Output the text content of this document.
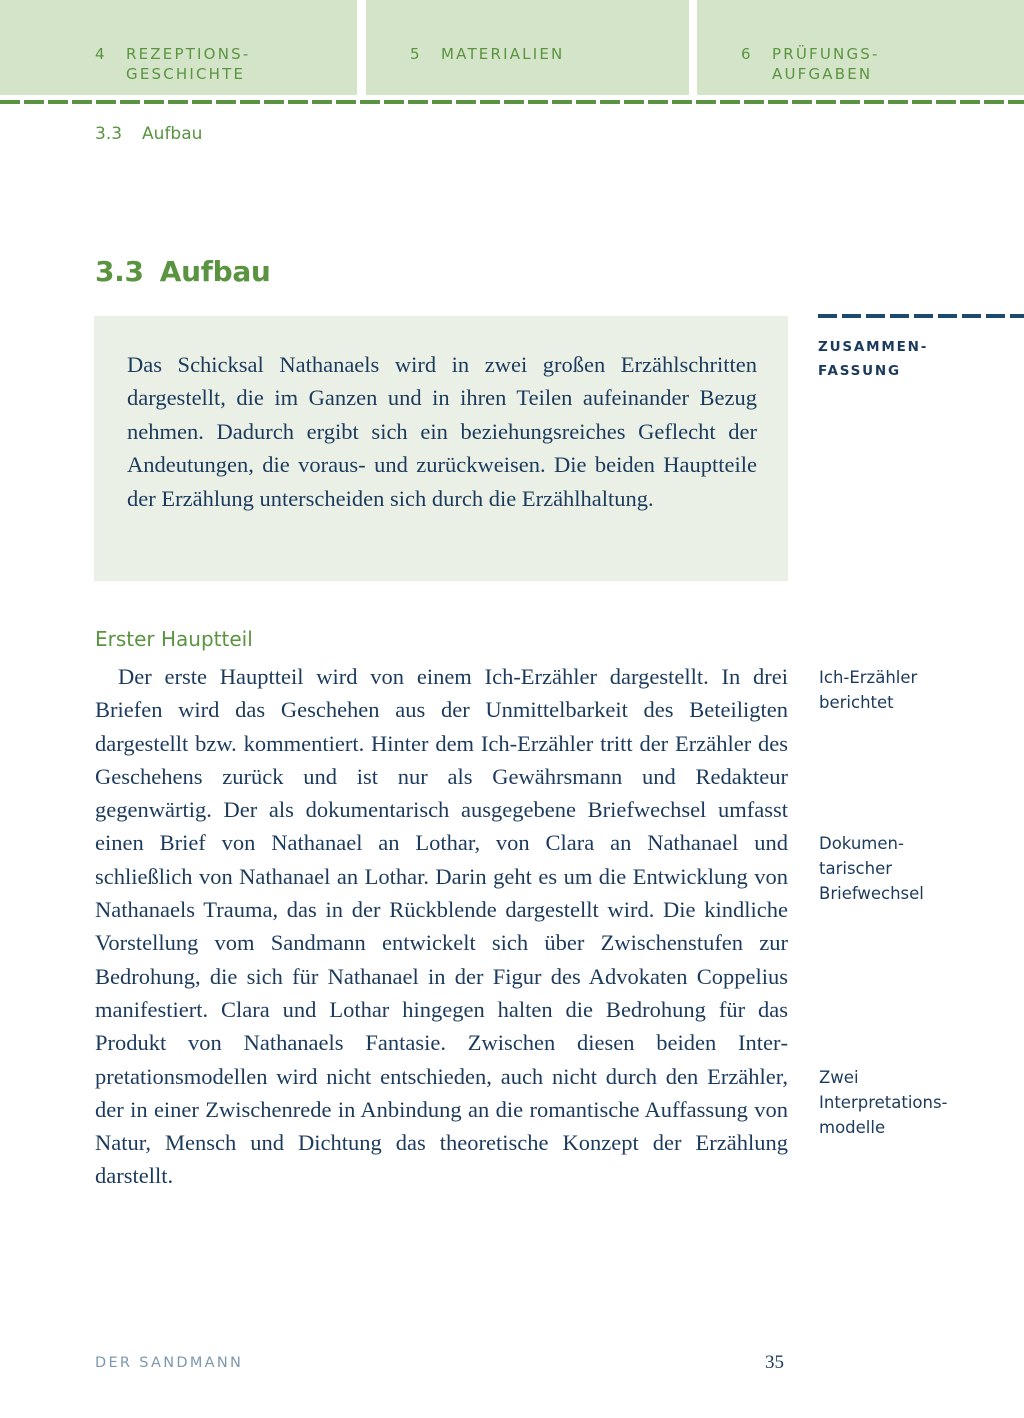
4 REZEPTIONS-
GESCHICHTE
5 MATERIALIEN	6 PRÜFUNGS-
AUFGABEN
3.3 Aufbau
3.3 Aufbau

Das Schicksal Nathanaels wird in zwei großen Erzählschritten dargestellt, die im Ganzen und in ihren Teilen aufeinander Bezug nehmen. Dadurch ergibt sich ein beziehungsreiches Geflecht der Andeutungen, die voraus- und zurückweisen. Die beiden Hauptteile der Erzählung unterscheiden sich durch die Erzählhaltung.

ZUSAMMEN-
FASSUNG
Erster Hauptteil

Der erste Hauptteil wird von einem Ich-Erzähler dargestellt. In drei Briefen wird das Geschehen aus der Unmittelbarkeit des Beteiligten dargestellt bzw. kommentiert. Hinter dem Ich-Erzähler tritt der Erzähler des Geschehens zurück und ist nur als Gewährsmann und Redakteur gegenwärtig. Der als dokumentarisch ausgegebene Briefwechsel umfasst einen Brief von Nathanael an Lothar, von Clara an Nathanael und schließlich von Nathanael an Lothar. Darin geht es um die Entwicklung von Nathanaels Trauma, das in der Rückblende dargestellt wird. Die kindliche Vorstellung vom Sandmann entwickelt sich über Zwischenstufen zur Bedrohung, die sich für Nathanael in der Figur des Advokaten Coppelius manifestiert. Clara und Lothar hingegen halten die Bedrohung für das Produkt von Nathanaels Fantasie. Zwischen diesen beiden Interpretationsmodellen wird nicht entschieden, auch nicht durch den Erzähler, der in einer Zwischenrede in Anbindung an die romantische Auffassung von Natur, Mensch und Dichtung das theoretische Konzept der Erzählung darstellt.

Ich-Erzähler
berichtet
Dokumen-
tarischer
Briefwechsel
Zwei
Interpretations-
modelle
DER SANDMANN	35
